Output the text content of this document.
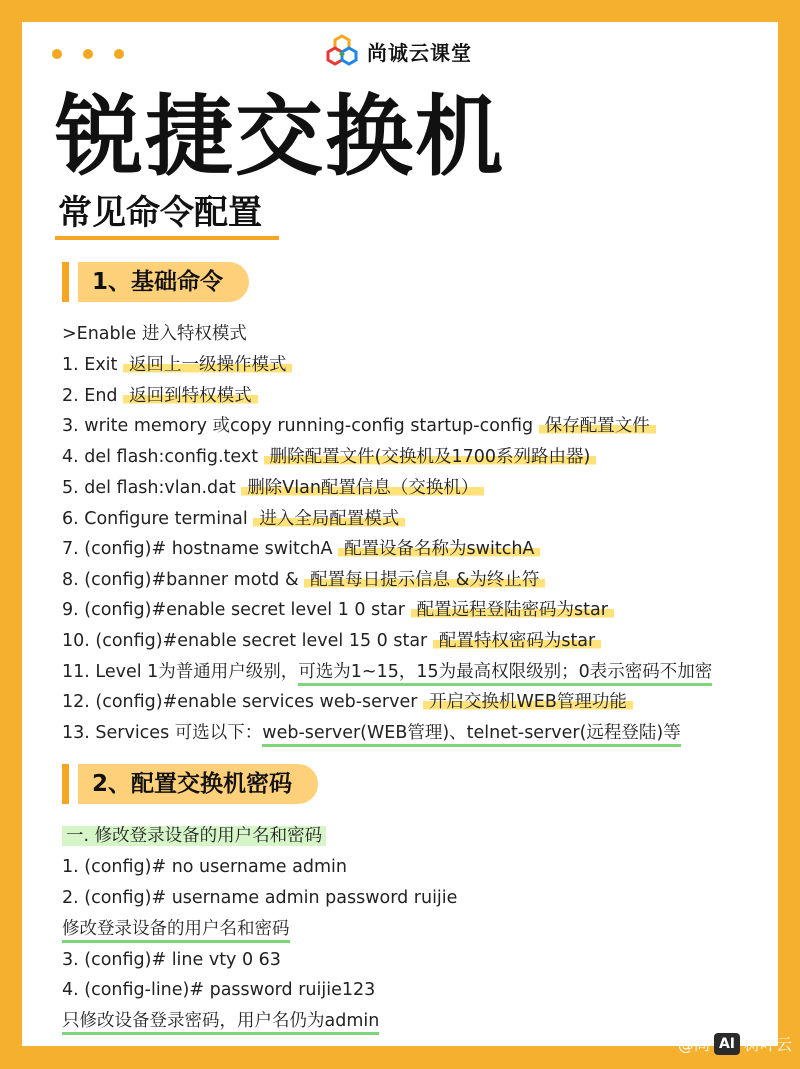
尚诚云课堂
锐捷交换机
常见命令配置
1、基础命令
>Enable 进入特权模式
1. Exit 返回上一级操作模式
2. End 返回到特权模式
3. write memory 或copy running-config startup-config 保存配置文件
4. del flash:config.text 删除配置文件(交换机及1700系列路由器)
5. del flash:vlan.dat 删除Vlan配置信息（交换机）
6. Configure terminal 进入全局配置模式
7. (config)# hostname switchA 配置设备名称为switchA
8. (config)#banner motd & 配置每日提示信息 &为终止符
9. (config)#enable secret level 1 0 star 配置远程登陆密码为star
10. (config)#enable secret level 15 0 star 配置特权密码为star
11. Level 1为普通用户级别，可选为1~15，15为最高权限级别；0表示密码不加密
12. (config)#enable services web-server 开启交换机WEB管理功能
13. Services 可选以下：web-server(WEB管理)、telnet-server(远程登陆)等
2、配置交换机密码
一. 修改登录设备的用户名和密码
1. (config)# no username admin
2. (config)# username admin password ruijie
修改登录设备的用户名和密码
3. (config)# line vty 0 63
4. (config-line)# password ruijie123
只修改设备登录密码，用户名仍为admin
@尚 AI 树叶云
